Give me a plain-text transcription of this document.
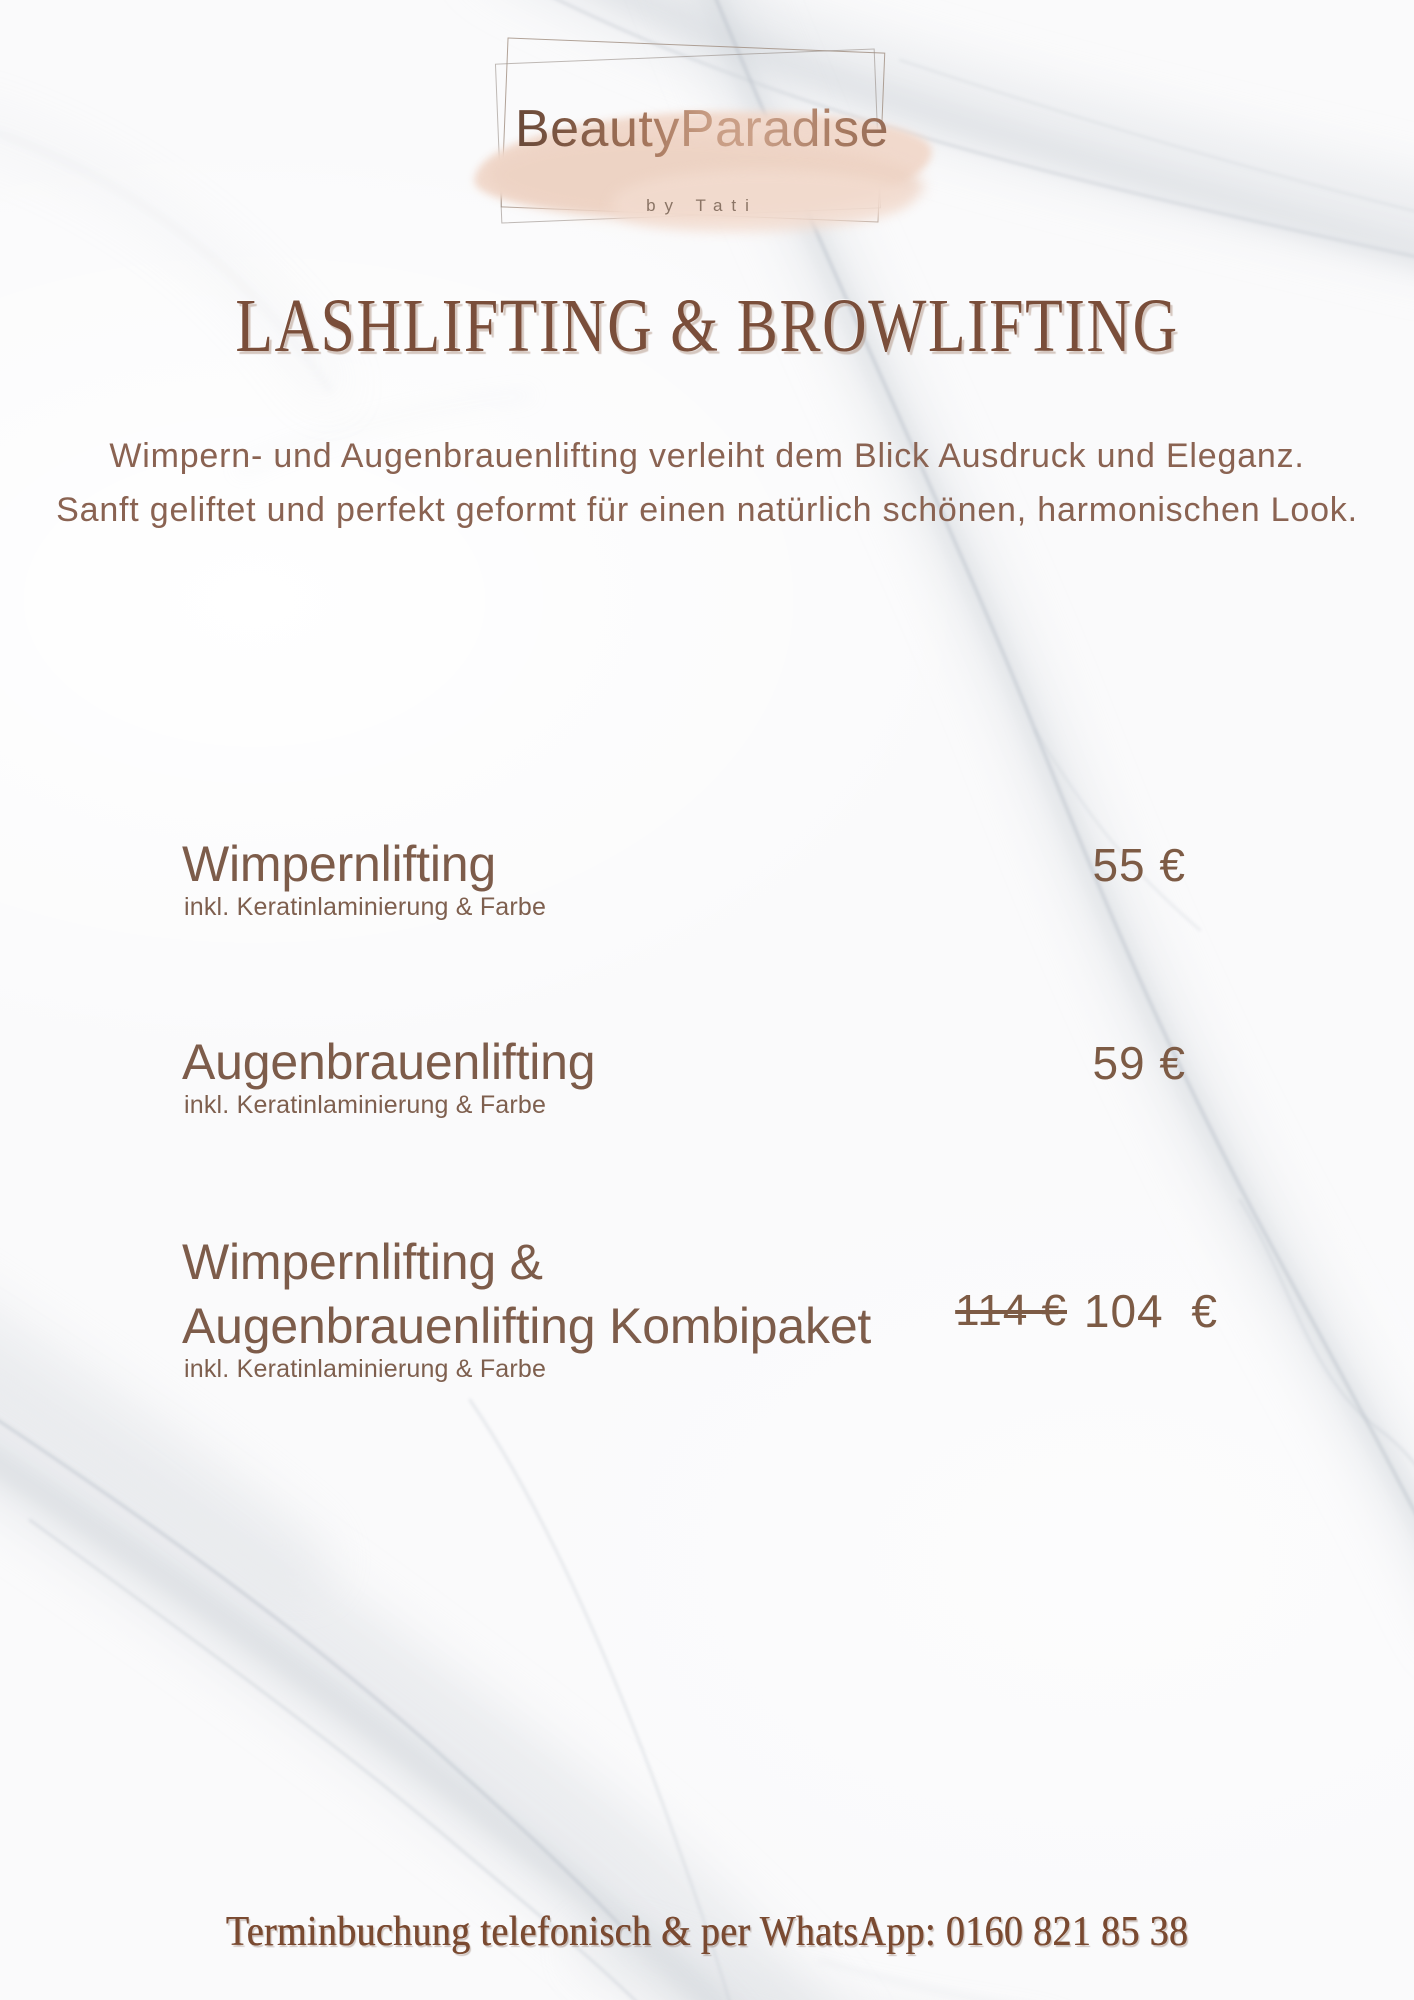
BeautyParadise
by Tati
LASHLIFTING & BROWLIFTING

Wimpern- und Augenbrauenlifting verleiht dem Blick Ausdruck und Eleganz.
Sanft geliftet und perfekt geformt für einen natürlich schönen, harmonischen Look.

Wimpernlifting
inkl. Keratinlaminierung & Farbe
55 €
Augenbrauenlifting
inkl. Keratinlaminierung & Farbe
59 €
Wimpernlifting &
Augenbrauenlifting Kombipaket
inkl. Keratinlaminierung & Farbe
114 € 104 €
Terminbuchung telefonisch & per WhatsApp: 0160 821 85 38
